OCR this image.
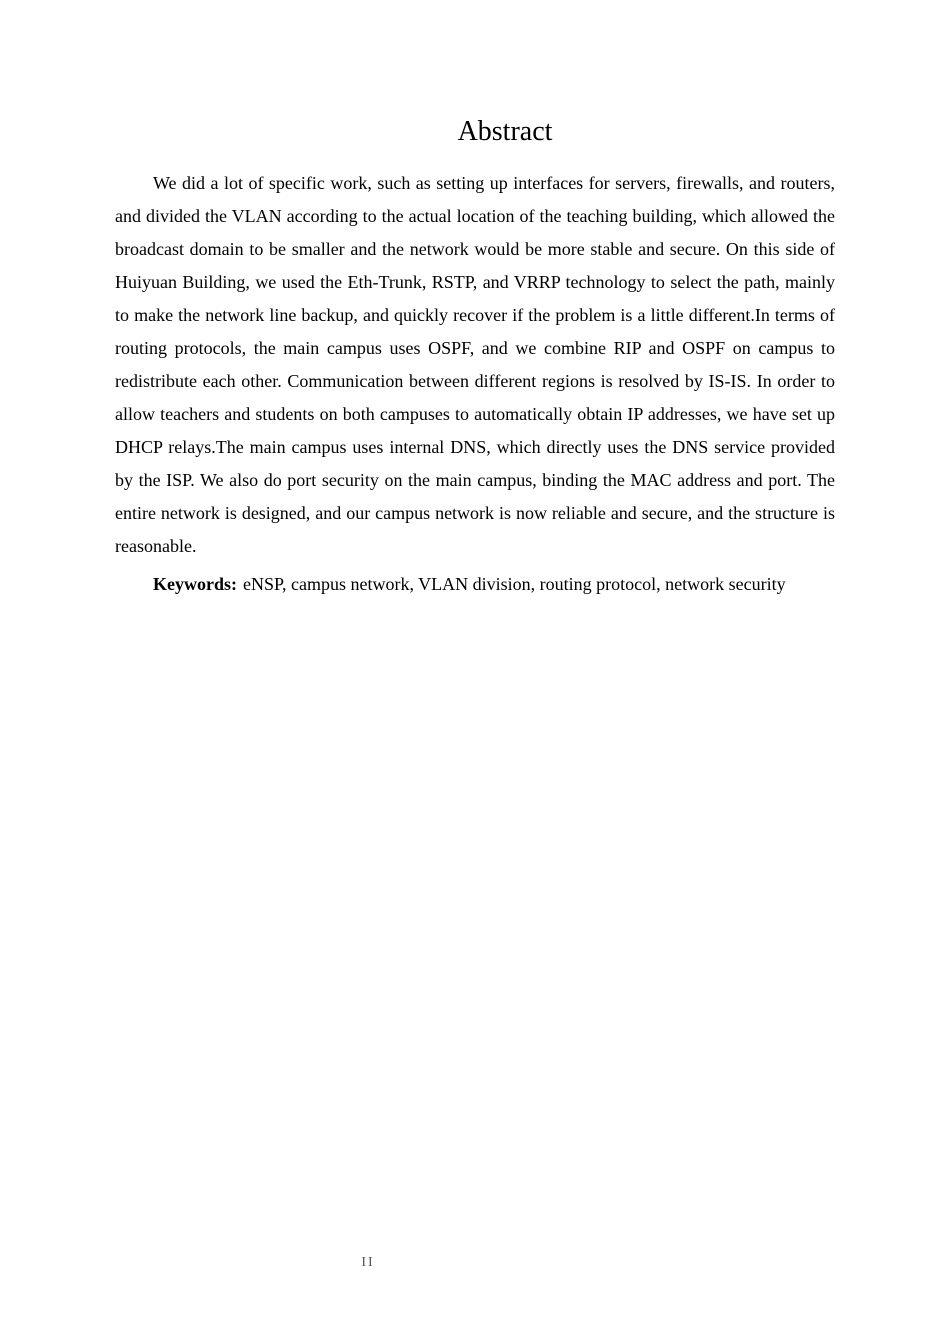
Abstract

We did a lot of specific work, such as setting up interfaces for servers, firewalls, and routers, and divided the VLAN according to the actual location of the teaching building, which allowed the broadcast domain to be smaller and the network would be more stable and secure. On this side of Huiyuan Building, we used the Eth-Trunk, RSTP, and VRRP technology to select the path, mainly to make the network line backup, and quickly recover if the problem is a little different.In terms of routing protocols, the main campus uses OSPF, and we combine RIP and OSPF on campus to redistribute each other. Communication between different regions is resolved by IS-IS. In order to allow teachers and students on both campuses to automatically obtain IP addresses, we have set up DHCP relays.The main campus uses internal DNS, which directly uses the DNS service provided by the ISP. We also do port security on the main campus, binding the MAC address and port. The entire network is designed, and our campus network is now reliable and secure, and the structure is reasonable.

Keywords: eNSP, campus network, VLAN division, routing protocol, network security

II
